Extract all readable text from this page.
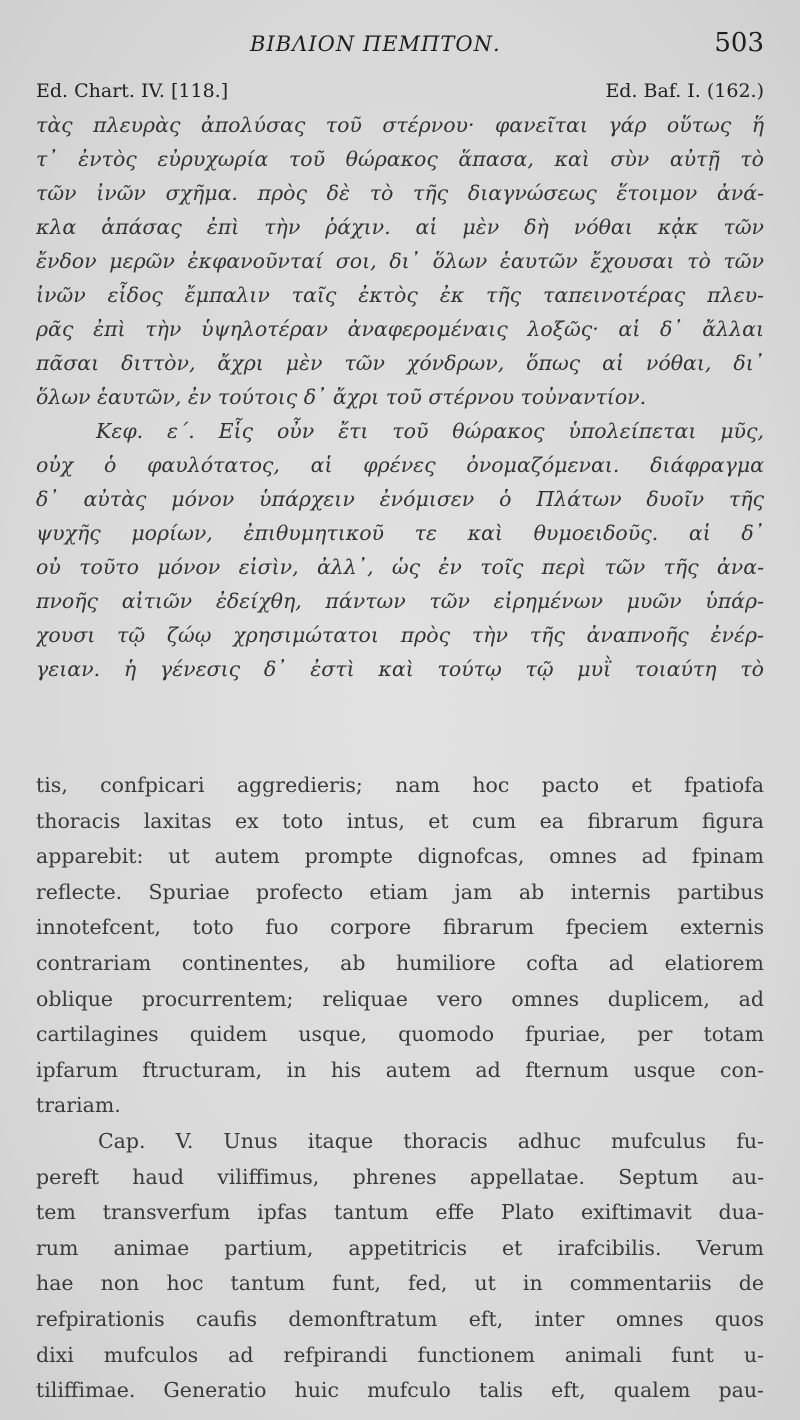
ΒΙΒΛΙΟΝ ΠΕΜΠΤΟΝ.	503
Ed. Chart. IV. [118.]	Ed. Baf. I. (162.)
τὰς πλευρὰς ἀπολύσας τοῦ στέρνου· φανεῖται γάρ οὕτως ἥ
τ᾽ ἐντὸς εὐρυχωρία τοῦ θώρακος ἅπασα, καὶ σὺν αὐτῇ τὸ
τῶν ἰνῶν σχῆμα. πρὸς δὲ τὸ τῆς διαγνώσεως ἕτοιμον ἀνά-
κλα ἁπάσας ἐπὶ τὴν ῥάχιν. αἱ μὲν δὴ νόθαι κᾀκ τῶν
ἔνδον μερῶν ἐκφανοῦνταί σοι, δι᾽ ὅλων ἑαυτῶν ἔχουσαι τὸ τῶν
ἰνῶν εἶδος ἔμπαλιν ταῖς ἐκτὸς ἐκ τῆς ταπεινοτέρας πλευ-
ρᾶς ἐπὶ τὴν ὑψηλοτέραν ἀναφερομέναις λοξῶς· αἱ δ᾽ ἄλλαι
πᾶσαι διττὸν, ἄχρι μὲν τῶν χόνδρων, ὅπως αἱ νόθαι, δι᾽
ὅλων ἑαυτῶν, ἐν τούτοις δ᾽ ἄχρι τοῦ στέρνου τοὐναντίον.
Κεφ. ε΄. Εἷς οὖν ἔτι τοῦ θώρακος ὑπολείπεται μῦς,
οὐχ ὁ φαυλότατος, αἱ φρένες ὀνομαζόμεναι. διάφραγμα
δ᾽ αὐτὰς μόνον ὑπάρχειν ἐνόμισεν ὁ Πλάτων δυοῖν τῆς
ψυχῆς μορίων, ἐπιθυμητικοῦ τε καὶ θυμοειδοῦς. αἱ δ᾽
οὐ τοῦτο μόνον εἰσὶν, ἀλλ᾽, ὡς ἐν τοῖς περὶ τῶν τῆς ἀνα-
πνοῆς αἰτιῶν ἐδείχθη, πάντων τῶν εἰρημένων μυῶν ὑπάρ-
χουσι τῷ ζώῳ χρησιμώτατοι πρὸς τὴν τῆς ἀναπνοῆς ἐνέρ-
γειαν. ἡ γένεσις δ᾽ ἐστὶ καὶ τούτῳ τῷ μυῒ τοιαύτη τὸ
tis, confpicari aggredieris; nam hoc pacto et fpatiofa
thoracis laxitas ex toto intus, et cum ea fibrarum figura
apparebit: ut autem prompte dignofcas, omnes ad fpinam
reflecte. Spuriae profecto etiam jam ab internis partibus
innotefcent, toto fuo corpore fibrarum fpeciem externis
contrariam continentes, ab humiliore cofta ad elatiorem
oblique procurrentem; reliquae vero omnes duplicem, ad
cartilagines quidem usque, quomodo fpuriae, per totam
ipfarum ftructuram, in his autem ad fternum usque con-
trariam.
Cap. V. Unus itaque thoracis adhuc mufculus fu-
pereft haud viliffimus, phrenes appellatae. Septum au-
tem transverfum ipfas tantum effe Plato exiftimavit dua-
rum animae partium, appetitricis et irafcibilis. Verum
hae non hoc tantum funt, fed, ut in commentariis de
refpirationis caufis demonftratum eft, inter omnes quos
dixi mufculos ad refpirandi functionem animali funt u-
tiliffimae. Generatio huic mufculo talis eft, qualem pau-
